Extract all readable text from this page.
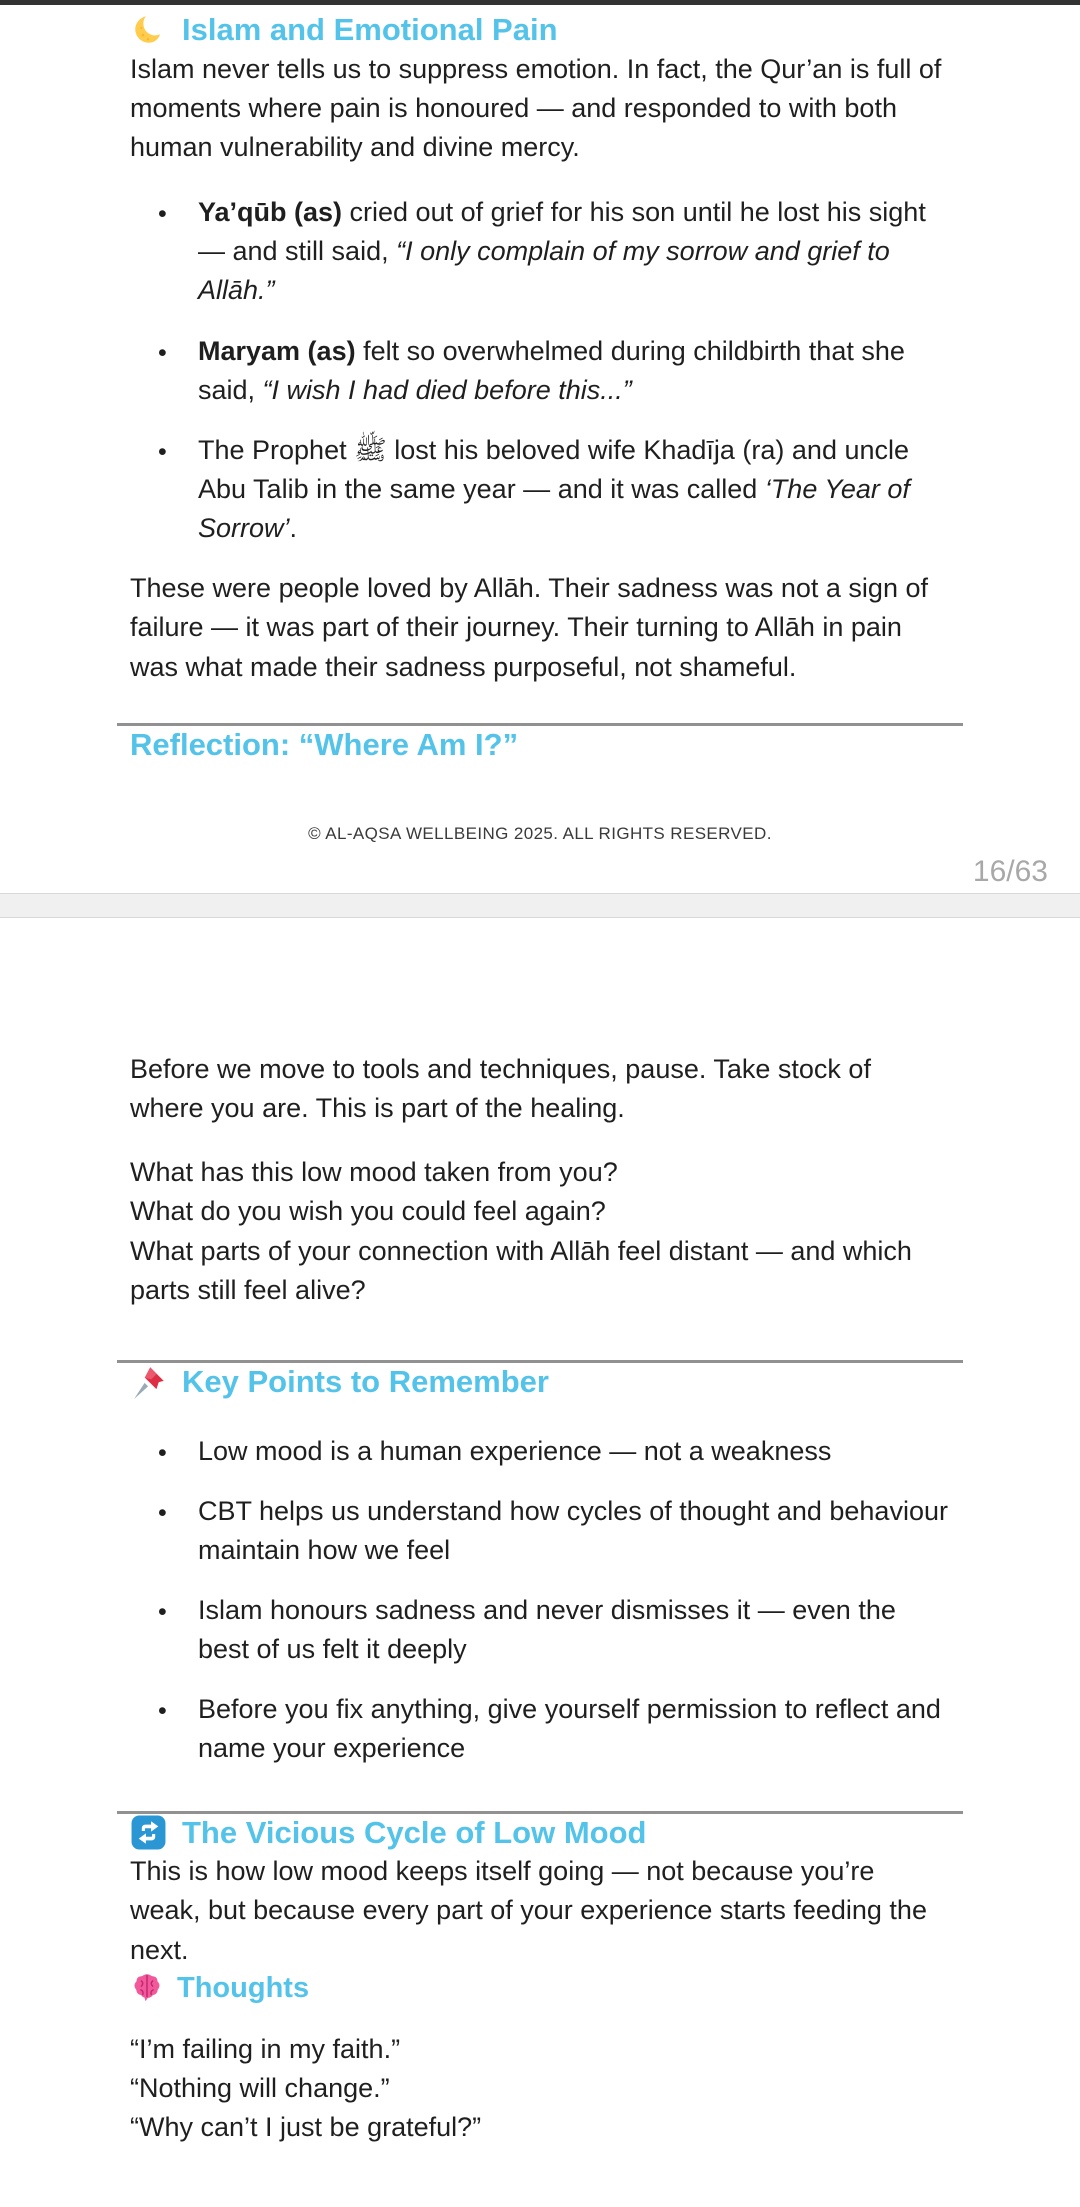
Islam and Emotional Pain

Islam never tells us to suppress emotion. In fact, the Qur’an is full of moments where pain is honoured — and responded to with both human vulnerability and divine mercy.

• Ya’qūb (as) cried out of grief for his son until he lost his sight — and still said, “I only complain of my sorrow and grief to Allāh.”
• Maryam (as) felt so overwhelmed during childbirth that she said, “I wish I had died before this...”
• The Prophet ﷺ lost his beloved wife Khadīja (ra) and uncle Abu Talib in the same year — and it was called ‘The Year of Sorrow’.

These were people loved by Allāh. Their sadness was not a sign of failure — it was part of their journey. Their turning to Allāh in pain was what made their sadness purposeful, not shameful.

Reflection: “Where Am I?”
© AL-AQSA WELLBEING 2025. ALL RIGHTS RESERVED.
16/63

Before we move to tools and techniques, pause. Take stock of where you are. This is part of the healing.

What has this low mood taken from you?

What do you wish you could feel again?

What parts of your connection with Allāh feel distant — and which parts still feel alive?

Key Points to Remember
• Low mood is a human experience — not a weakness
• CBT helps us understand how cycles of thought and behaviour maintain how we feel
• Islam honours sadness and never dismisses it — even the best of us felt it deeply
• Before you fix anything, give yourself permission to reflect and name your experience
The Vicious Cycle of Low Mood

This is how low mood keeps itself going — not because you’re weak, but because every part of your experience starts feeding the next.

Thoughts

“I’m failing in my faith.”

“Nothing will change.”

“Why can’t I just be grateful?”
